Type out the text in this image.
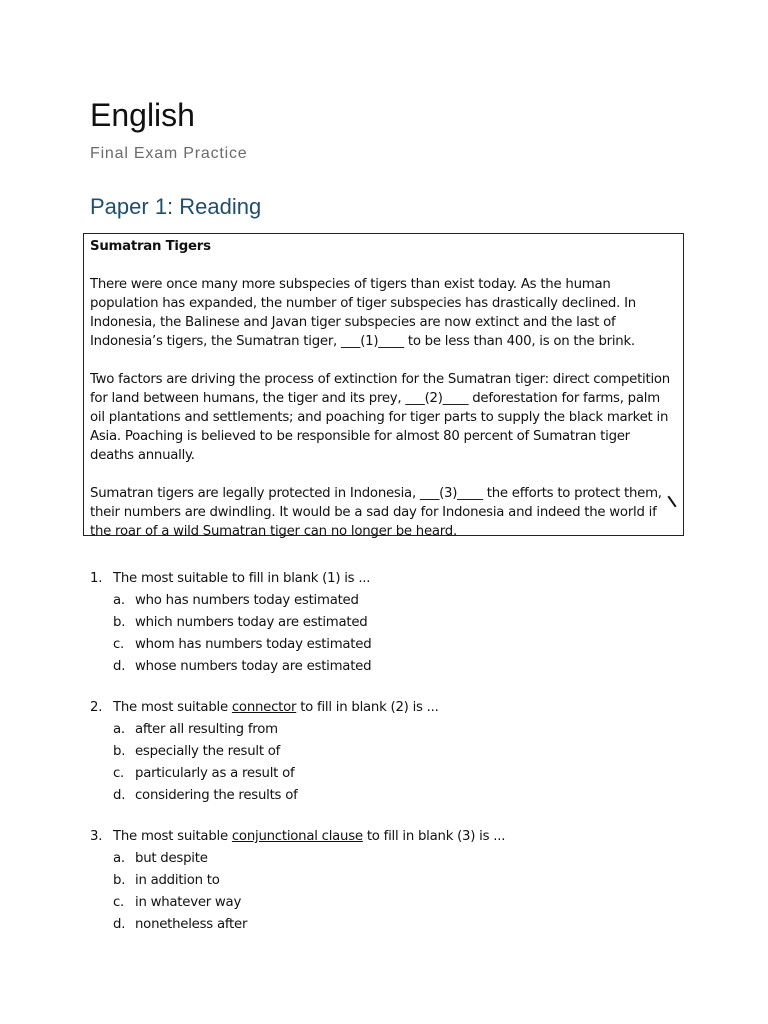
English
Final Exam Practice
Paper 1: Reading
Sumatran Tigers

There were once many more subspecies of tigers than exist today. As the human population has expanded, the number of tiger subspecies has drastically declined. In Indonesia, the Balinese and Javan tiger subspecies are now extinct and the last of Indonesia’s tigers, the Sumatran tiger, ___(1)____ to be less than 400, is on the brink.

Two factors are driving the process of extinction for the Sumatran tiger: direct competition for land between humans, the tiger and its prey, ___(2)____ deforestation for farms, palm oil plantations and settlements; and poaching for tiger parts to supply the black market in Asia. Poaching is believed to be responsible for almost 80 percent of Sumatran tiger deaths annually.

Sumatran tigers are legally protected in Indonesia, ___(3)____ the efforts to protect them, their numbers are dwindling. It would be a sad day for Indonesia and indeed the world if the roar of a wild Sumatran tiger can no longer be heard.

1. The most suitable to fill in blank (1) is ...
a. who has numbers today estimated
b. which numbers today are estimated
c. whom has numbers today estimated
d. whose numbers today are estimated
2. The most suitable connector to fill in blank (2) is ...
a. after all resulting from
b. especially the result of
c. particularly as a result of
d. considering the results of
3. The most suitable conjunctional clause to fill in blank (3) is ...
a. but despite
b. in addition to
c. in whatever way
d. nonetheless after
